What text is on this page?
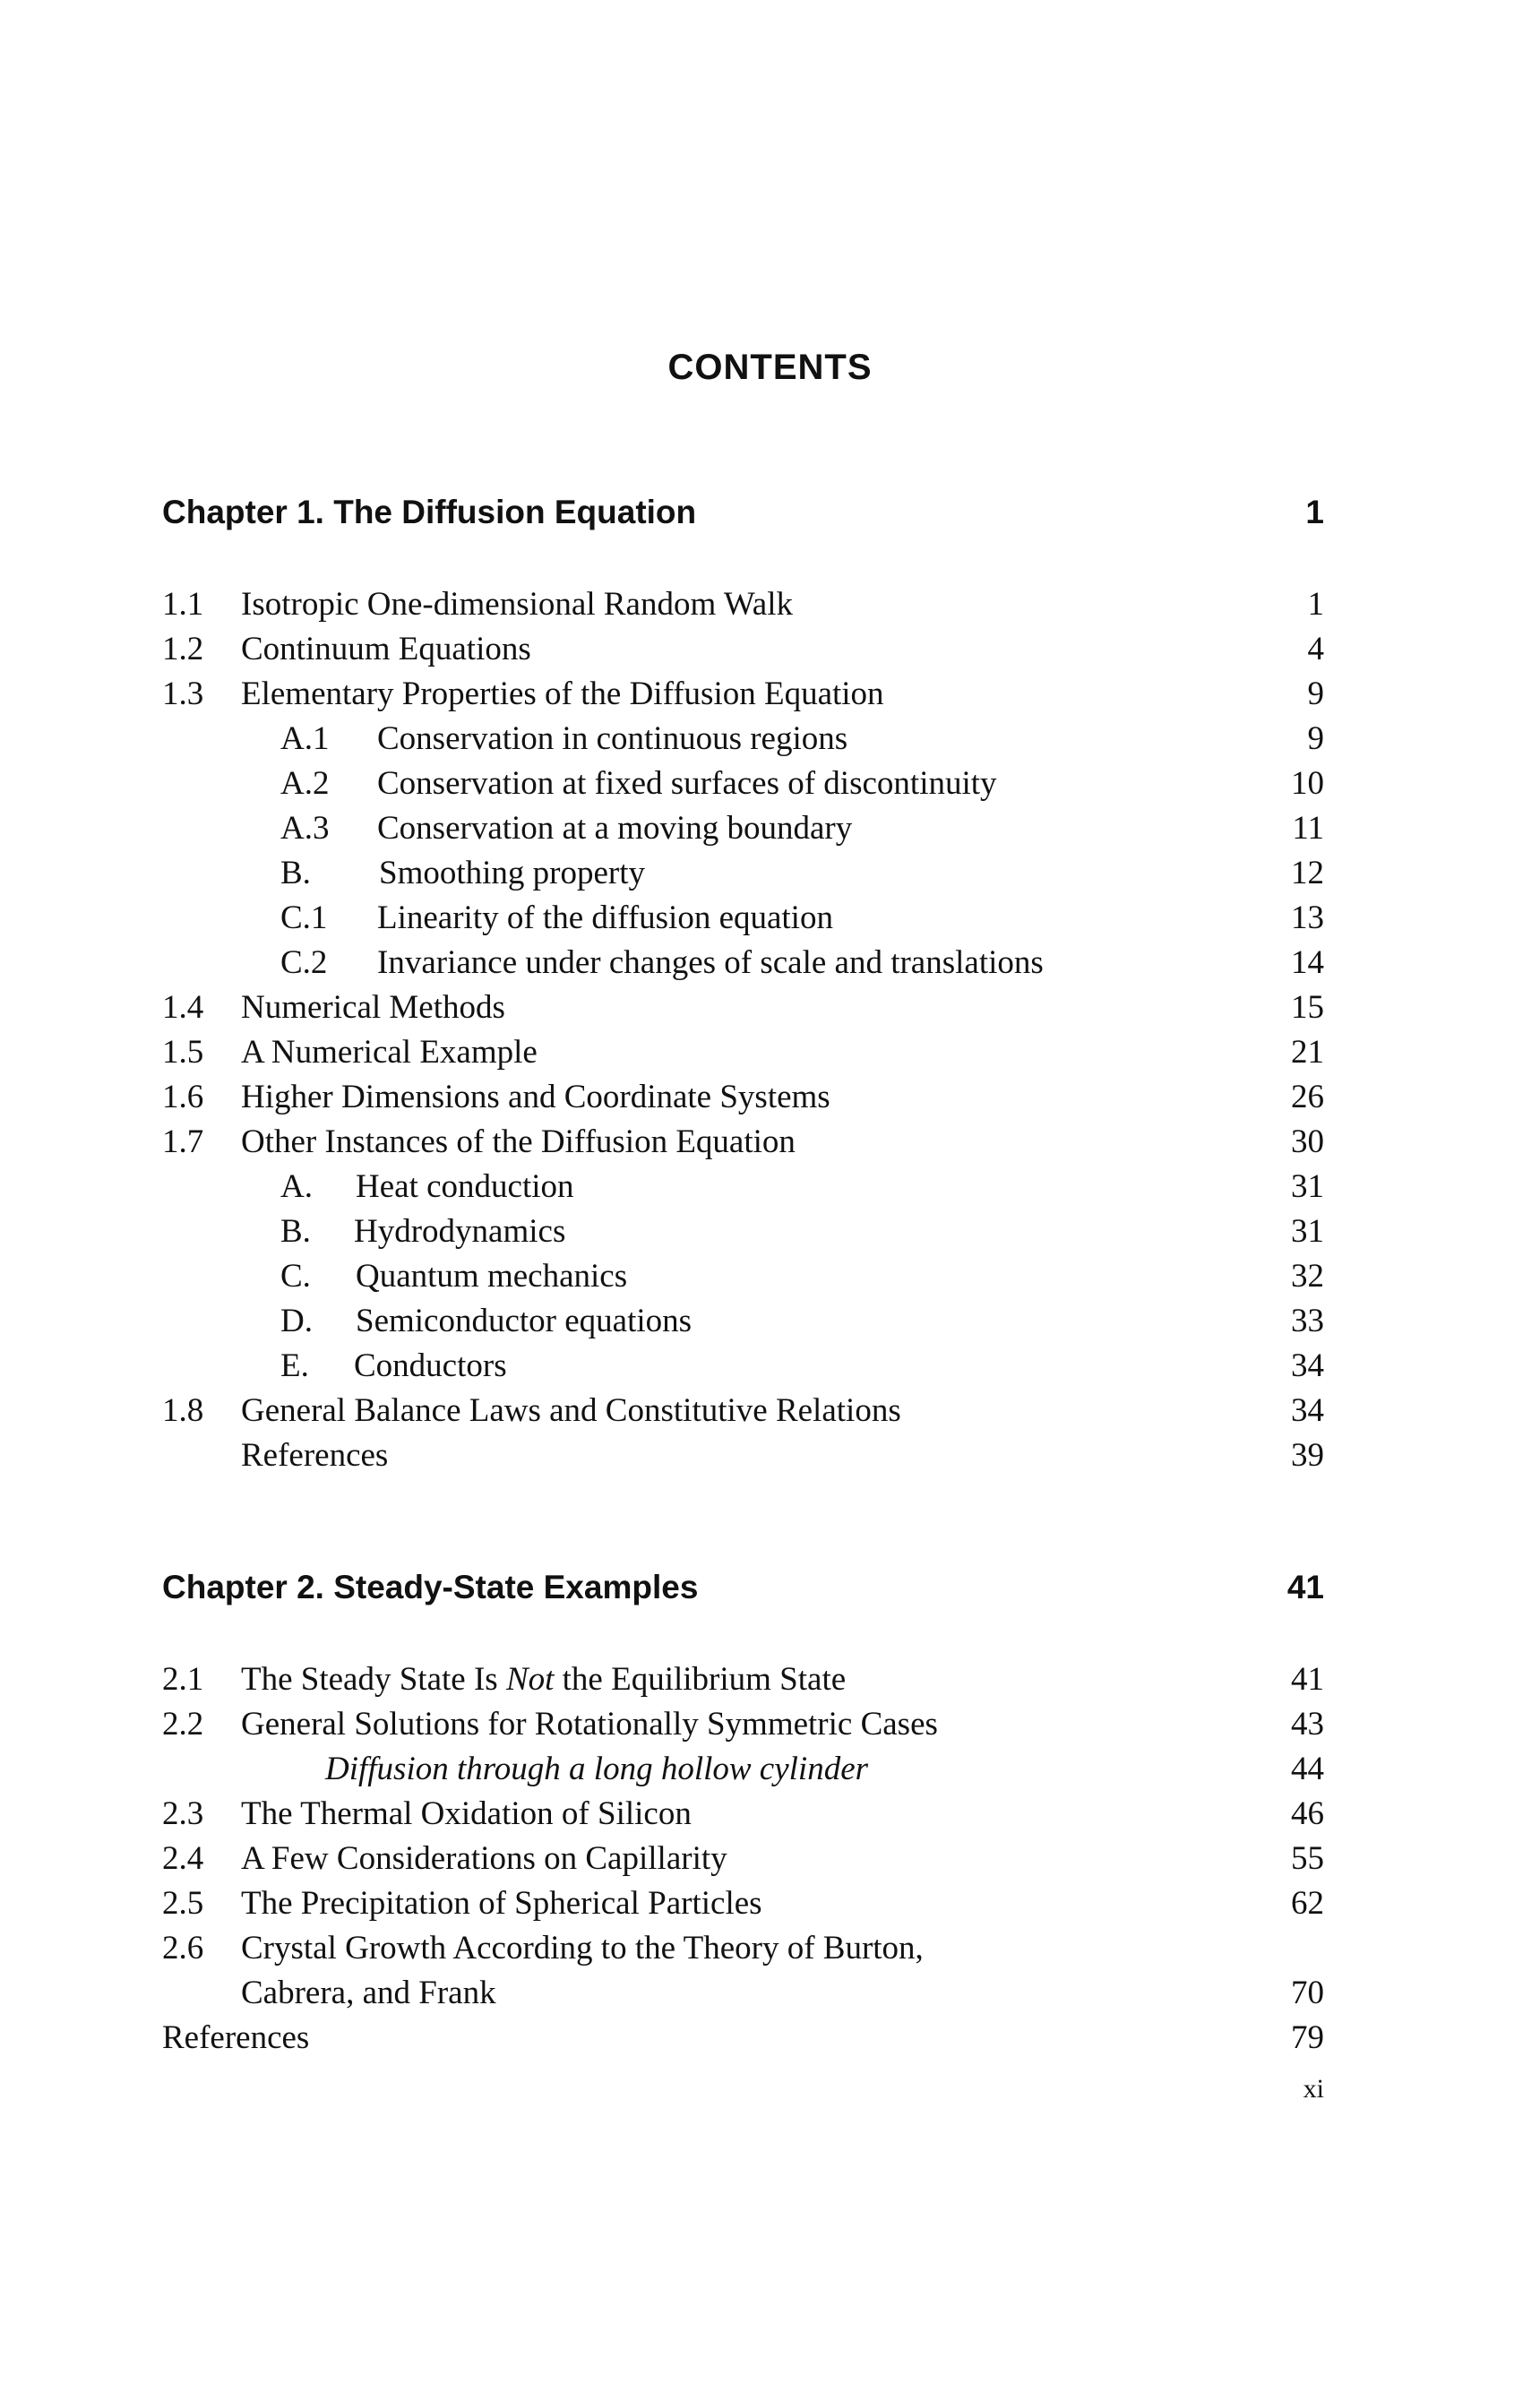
CONTENTS
Chapter 1. The Diffusion Equation	1
1.1 Isotropic One-dimensional Random Walk	1
1.2 Continuum Equations	4
1.3 Elementary Properties of the Diffusion Equation	9
A.1 Conservation in continuous regions	9
A.2 Conservation at fixed surfaces of discontinuity	10
A.3 Conservation at a moving boundary	11
B. Smoothing property	12
C.1 Linearity of the diffusion equation	13
C.2 Invariance under changes of scale and translations	14
1.4 Numerical Methods	15
1.5 A Numerical Example	21
1.6 Higher Dimensions and Coordinate Systems	26
1.7 Other Instances of the Diffusion Equation	30
A. Heat conduction	31
B. Hydrodynamics	31
C. Quantum mechanics	32
D. Semiconductor equations	33
E. Conductors	34
1.8 General Balance Laws and Constitutive Relations	34
References	39
Chapter 2. Steady-State Examples	41
2.1 The Steady State Is Not the Equilibrium State	41
2.2 General Solutions for Rotationally Symmetric Cases	43
Diffusion through a long hollow cylinder	44
2.3 The Thermal Oxidation of Silicon	46
2.4 A Few Considerations on Capillarity	55
2.5 The Precipitation of Spherical Particles	62
2.6 Crystal Growth According to the Theory of Burton,
Cabrera, and Frank	70
References	79
xi
